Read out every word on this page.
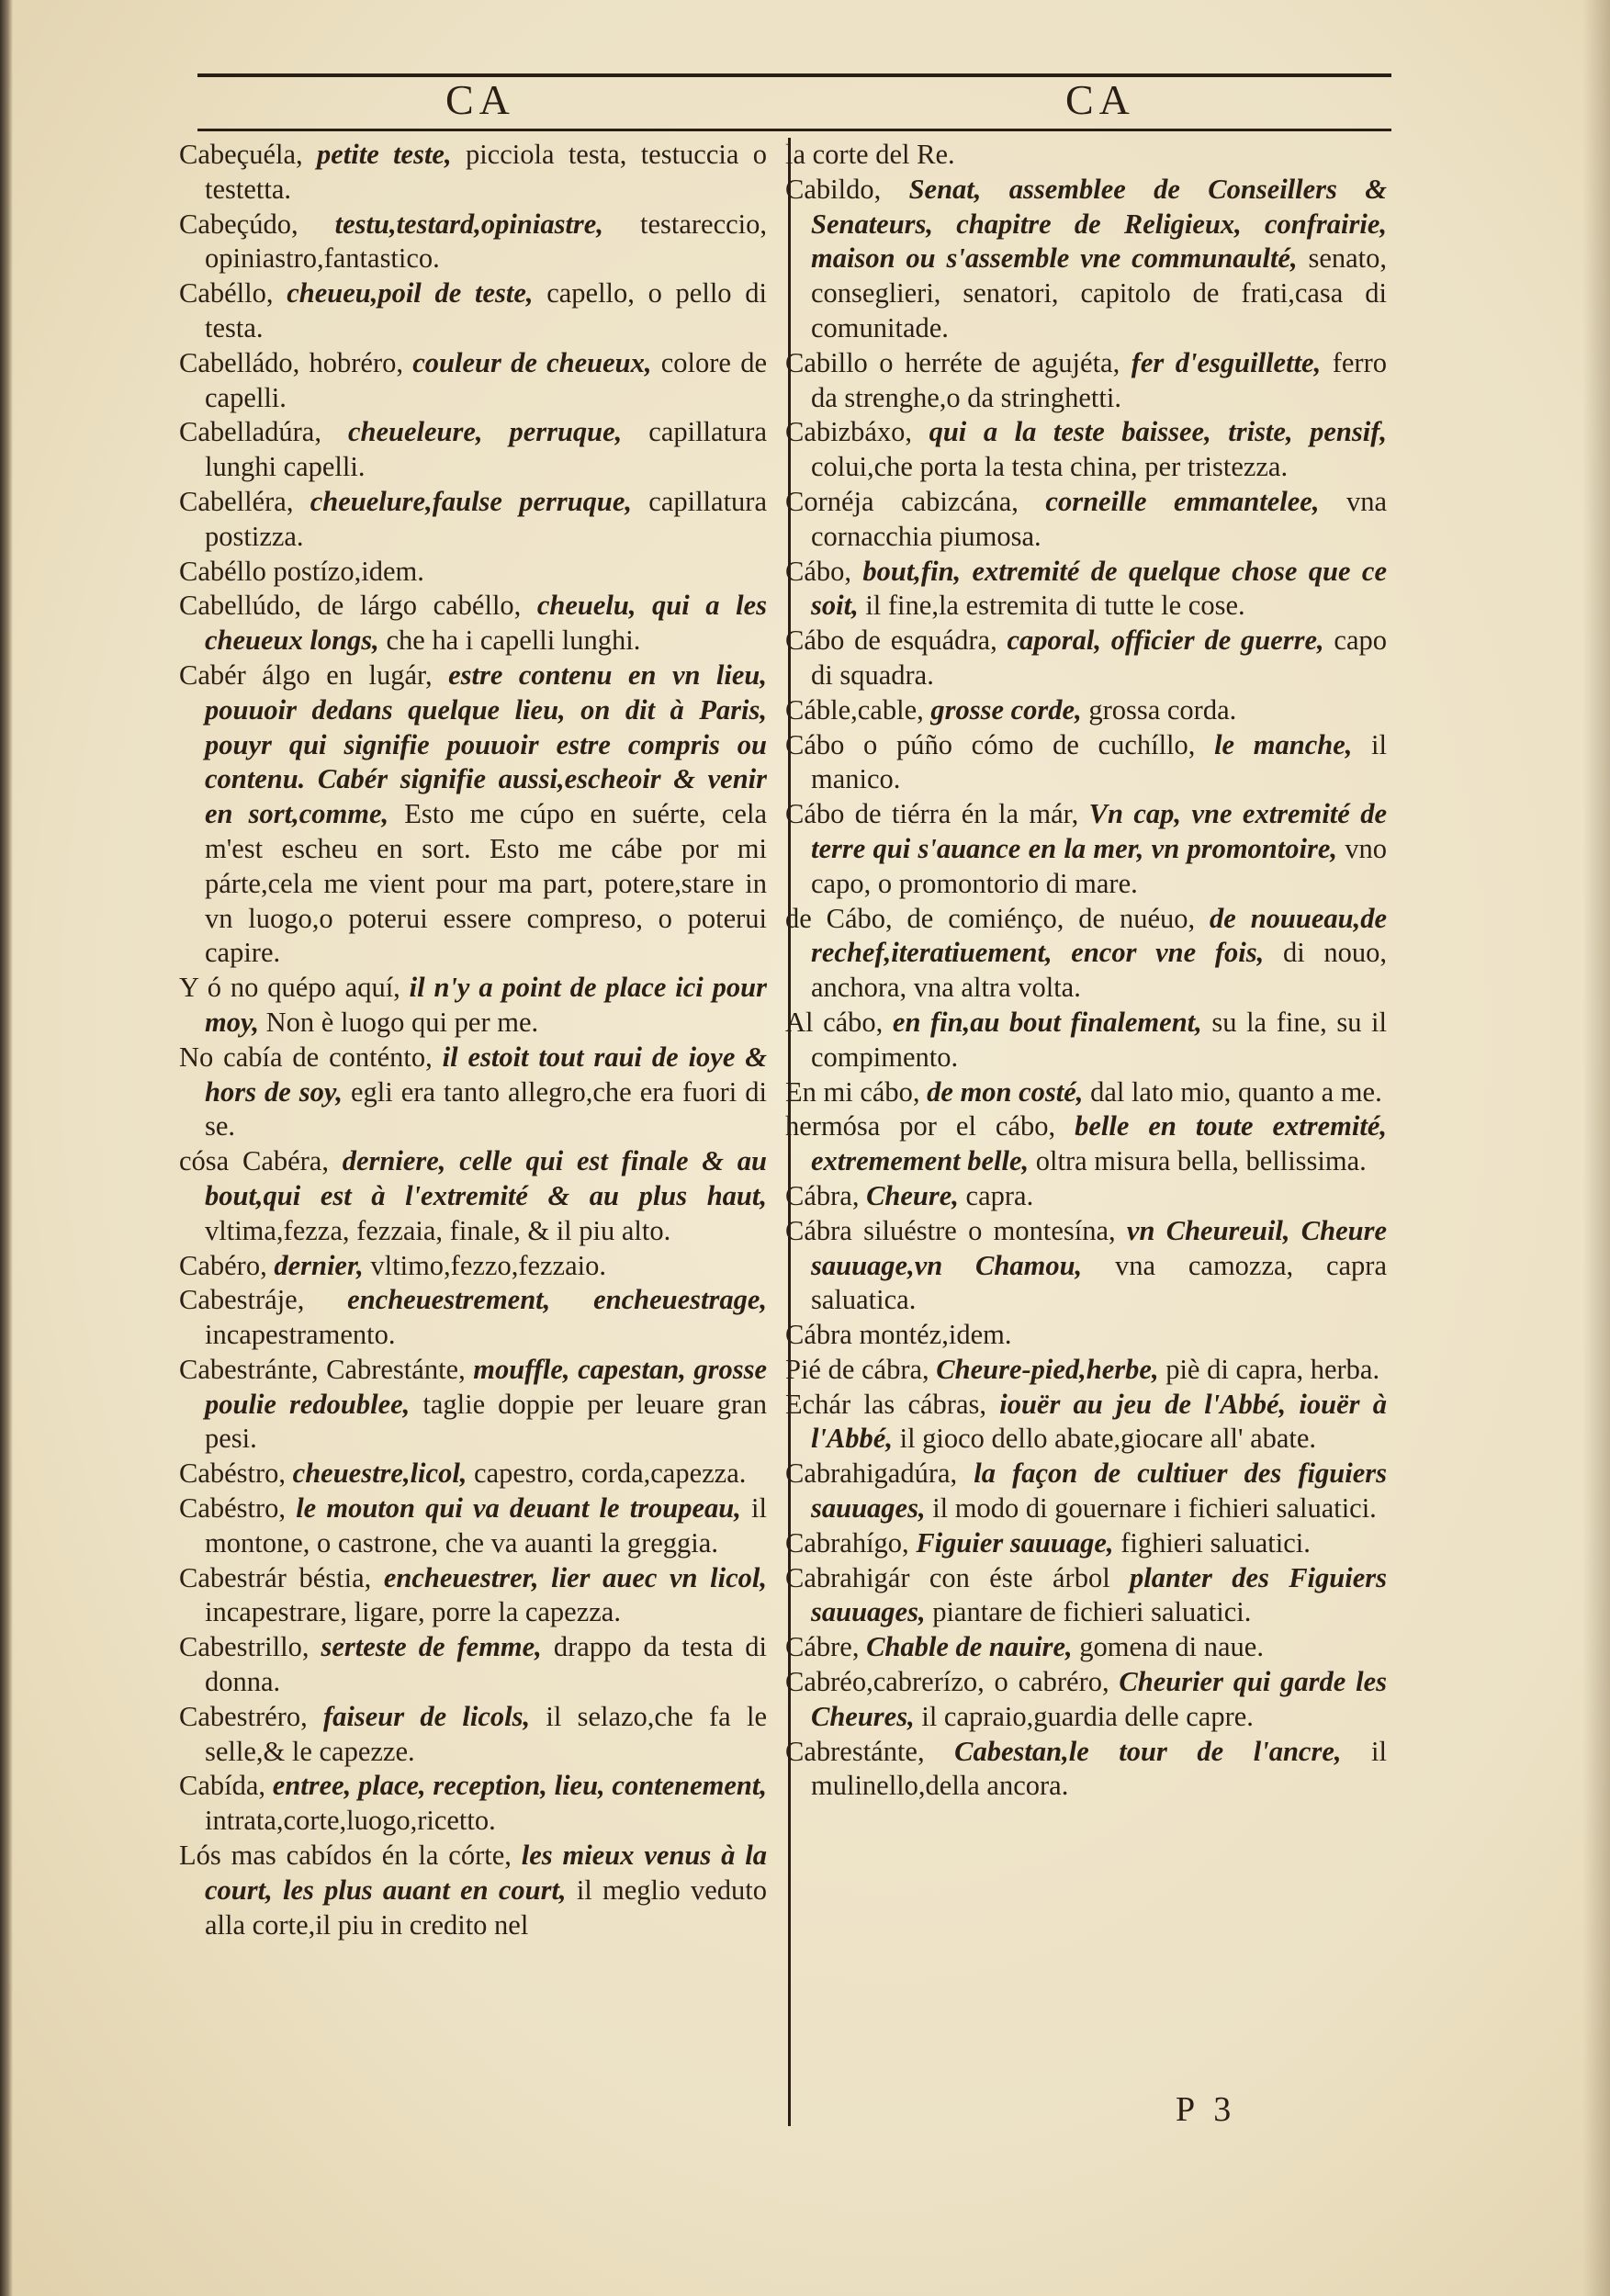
CA	CA

Cabeçuéla, petite teste, picciola testa, testuccia o testetta.

Cabeçúdo, testu,testard,opiniastre, testareccio, opiniastro,fantastico.

Cabéllo, cheueu,poil de teste, capello, o pello di testa.

Cabelládo, hobréro, couleur de cheueux, colore de capelli.

Cabelladúra, cheueleure, perruque, capillatura lunghi capelli.

Cabelléra, cheuelure,faulse perruque, capillatura postizza.

Cabéllo postízo,idem.

Cabellúdo, de lárgo cabéllo, cheuelu, qui a les cheueux longs, che ha i capelli lunghi.

Cabér álgo en lugár, estre contenu en vn lieu, pouuoir dedans quelque lieu, on dit à Paris, pouyr qui signifie pouuoir estre compris ou contenu. Cabér signifie aussi,escheoir & venir en sort,comme, Esto me cúpo en suérte, cela m'est escheu en sort. Esto me cábe por mi párte,cela me vient pour ma part, potere,stare in vn luogo,o poterui essere compreso, o poterui capire.

Y ó no quépo aquí, il n'y a point de place ici pour moy, Non è luogo qui per me.

No cabía de conténto, il estoit tout raui de ioye & hors de soy, egli era tanto allegro,che era fuori di se.

cósa Cabéra, derniere, celle qui est finale & au bout,qui est à l'extremité & au plus haut, vltima,fezza, fezzaia, finale, & il piu alto.

Cabéro, dernier, vltimo,fezzo,fezzaio.

Cabestráje, encheuestrement, encheuestrage, incapestramento.

Cabestránte, Cabrestánte, mouffle, capestan, grosse poulie redoublee, taglie doppie per leuare gran pesi.

Cabéstro, cheuestre,licol, capestro, corda,capezza.

Cabéstro, le mouton qui va deuant le troupeau, il montone, o castrone, che va auanti la greggia.

Cabestrár béstia, encheuestrer, lier auec vn licol, incapestrare, ligare, porre la capezza.

Cabestrillo, serteste de femme, drappo da testa di donna.

Cabestréro, faiseur de licols, il selazo,che fa le selle,& le capezze.

Cabída, entree, place, reception, lieu, contenement, intrata,corte,luogo,ricetto.

Lós mas cabídos én la córte, les mieux venus à la court, les plus auant en court, il meglio veduto alla corte,il piu in credito nel

la corte del Re.

Cabildo, Senat, assemblee de Conseillers & Senateurs, chapitre de Religieux, confrairie, maison ou s'assemble vne communaulté, senato, conseglieri, senatori, capitolo de frati,casa di comunitade.

Cabillo o herréte de agujéta, fer d'esguillette, ferro da strenghe,o da stringhetti.

Cabizbáxo, qui a la teste baissee, triste, pensif, colui,che porta la testa china, per tristezza.

Cornéja cabizcána, corneille emmantelee, vna cornacchia piumosa.

Cábo, bout,fin, extremité de quelque chose que ce soit, il fine,la estremita di tutte le cose.

Cábo de esquádra, caporal, officier de guerre, capo di squadra.

Cáble,cable, grosse corde, grossa corda.

Cábo o púño cómo de cuchíllo, le manche, il manico.

Cábo de tiérra én la már, Vn cap, vne extremité de terre qui s'auance en la mer, vn promontoire, vno capo, o promontorio di mare.

de Cábo, de comiénço, de nuéuo, de nouueau,de rechef,iteratiuement, encor vne fois, di nouo, anchora, vna altra volta.

Al cábo, en fin,au bout finalement, su la fine, su il compimento.

En mi cábo, de mon costé, dal lato mio, quanto a me.

hermósa por el cábo, belle en toute extremité, extremement belle, oltra misura bella, bellissima.

Cábra, Cheure, capra.

Cábra siluéstre o montesína, vn Cheureuil, Cheure sauuage,vn Chamou, vna camozza, capra saluatica.

Cábra montéz,idem.

Pié de cábra, Cheure-pied,herbe, piè di capra, herba.

Echár las cábras, iouër au jeu de l'Abbé, iouër à l'Abbé, il gioco dello abate,giocare all' abate.

Cabrahigadúra, la façon de cultiuer des figuiers sauuages, il modo di gouernare i fichieri saluatici.

Cabrahígo, Figuier sauuage, fighieri saluatici.

Cabrahigár con éste árbol planter des Figuiers sauuages, piantare de fichieri saluatici.

Cábre, Chable de nauire, gomena di naue.

Cabréo,cabrerízo, o cabréro, Cheurier qui garde les Cheures, il capraio,guardia delle capre.

Cabrestánte, Cabestan,le tour de l'ancre, il mulinello,della ancora.

P 3
